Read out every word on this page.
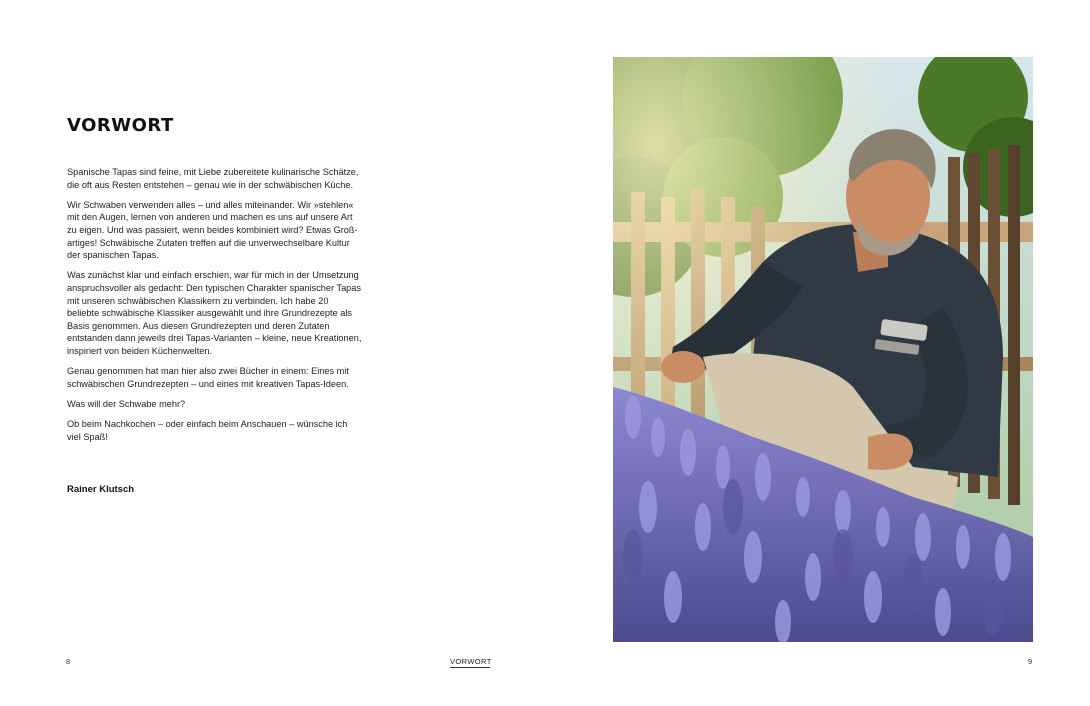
VORWORT

Spanische Tapas sind feine, mit Liebe zubereitete kulinarische Schätze, die oft aus Resten entstehen – genau wie in der schwäbischen Küche.

Wir Schwaben verwenden alles – und alles miteinander. Wir »stehlen« mit den Augen, lernen von anderen und machen es uns auf unsere Art zu eigen. Und was passiert, wenn beides kombiniert wird? Etwas Groß-artiges! Schwäbische Zutaten treffen auf die unverwechselbare Kultur der spanischen Tapas.

Was zunächst klar und einfach erschien, war für mich in der Umsetzung anspruchsvoller als gedacht: Den typischen Charakter spanischer Tapas mit unseren schwäbischen Klassikern zu verbinden. Ich habe 20 beliebte schwäbische Klassiker ausgewählt und ihre Grundrezepte als Basis genommen. Aus diesen Grundrezepten und deren Zutaten entstanden dann jeweils drei Tapas-Varianten – kleine, neue Kreationen, inspiriert von beiden Küchenwelten.

Genau genommen hat man hier also zwei Bücher in einem: Eines mit schwäbischen Grundrezepten – und eines mit kreativen Tapas-Ideen.

Was will der Schwabe mehr?

Ob beim Nachkochen – oder einfach beim Anschauen – wünsche ich viel Spaß!

Rainer Klutsch
8	VORWORT	9
